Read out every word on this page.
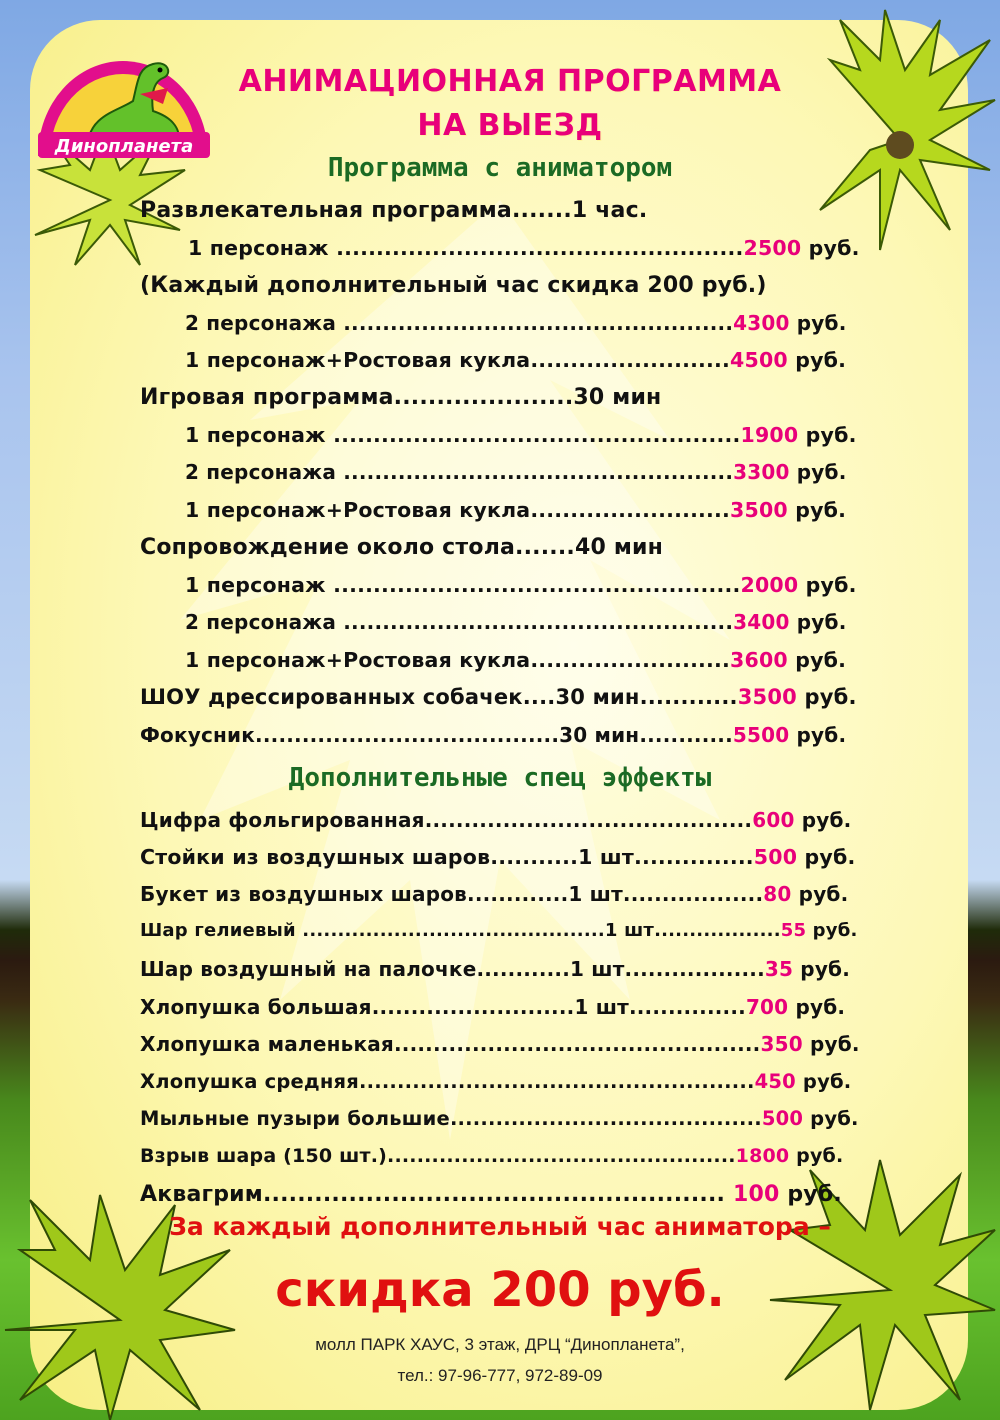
Динопланета
АНИМАЦИОННАЯ ПРОГРАММА
НА ВЫЕЗД
Программа с аниматором
Развлекательная программа.......1 час.
1 персонаж ...................................................2500 руб.
(Каждый дополнительный час скидка 200 руб.)
2 персонажа ..................................................4300 руб.
1 персонаж+Ростовая кукла.........................4500 руб.
Игровая программа.....................30 мин
1 персонаж ...................................................1900 руб.
2 персонажа ..................................................3300 руб.
1 персонаж+Ростовая кукла.........................3500 руб.
Сопровождение около стола.......40 мин
1 персонаж ...................................................2000 руб.
2 персонажа ..................................................3400 руб.
1 персонаж+Ростовая кукла.........................3600 руб.
ШОУ дрессированных собачек....30 мин............3500 руб.
Фокусник.......................................30 мин............5500 руб.
Дополнительные спец эффекты
Цифра фольгированная..........................................600 руб.
Стойки из воздушных шаров...........1 шт...............500 руб.
Букет из воздушных шаров.............1 шт..................80 руб.
Шар гелиевый ...........................................1 шт..................55 руб.
Шар воздушный на палочке............1 шт..................35 руб.
Хлопушка большая..........................1 шт...............700 руб.
Хлопушка маленькая...............................................350 руб.
Хлопушка средняя....................................................450 руб.
Мыльные пузыри большие.........................................500 руб.
Взрыв шара (150 шт.)...............................................1800 руб.
Аквагрим...................................................... 100 руб.
За каждый дополнительный час аниматора –
скидка 200 руб.
молл ПАРК ХАУС, 3 этаж, ДРЦ “Динопланета”,
тел.: 97-96-777, 972-89-09
